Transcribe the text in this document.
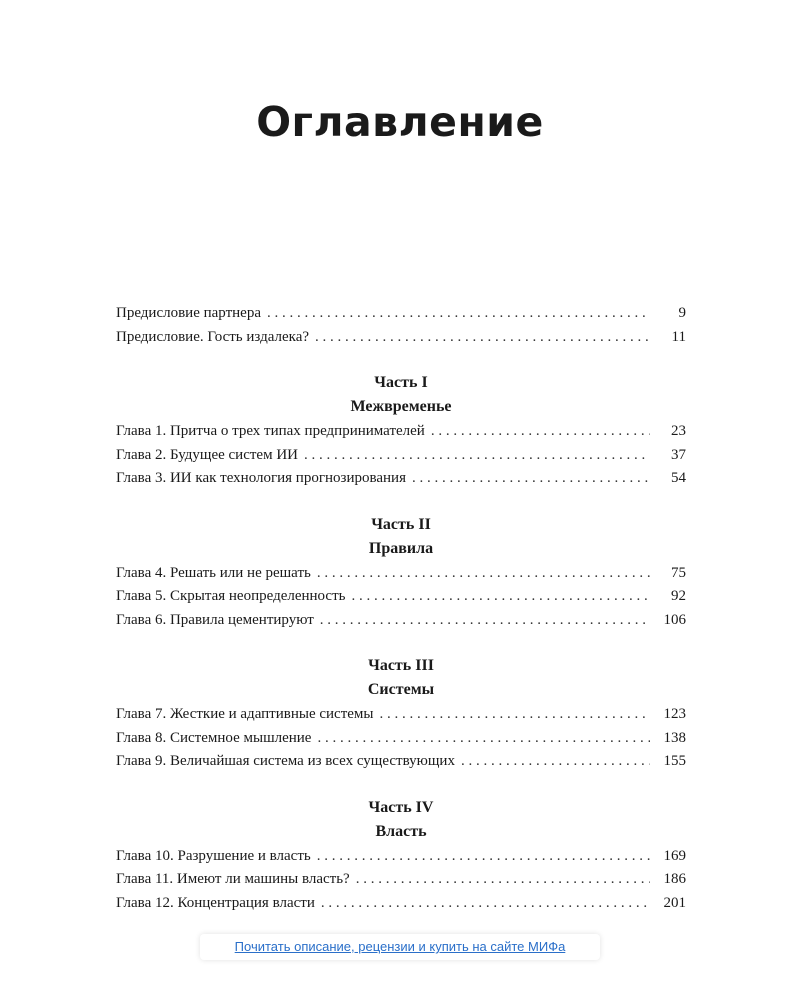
Оглавление
Предисловие партнера . . .	9
Предисловие. Гость издалека? . . .	11
Часть I
Межвременье
Глава 1. Притча о трех типах предпринимателей . . .	23
Глава 2. Будущее систем ИИ . . .	37
Глава 3. ИИ как технология прогнозирования . . .	54
Часть II
Правила
Глава 4. Решать или не решать . . .	75
Глава 5. Скрытая неопределенность . . .	92
Глава 6. Правила цементируют . . .	106
Часть III
Системы
Глава 7. Жесткие и адаптивные системы . . .	123
Глава 8. Системное мышление . . .	138
Глава 9. Величайшая система из всех существующих . . .	155
Часть IV
Власть
Глава 10. Разрушение и власть . . .	169
Глава 11. Имеют ли машины власть? . . .	186
Глава 12. Концентрация власти . . .	201
Почитать описание, рецензии и купить на сайте МИФа
